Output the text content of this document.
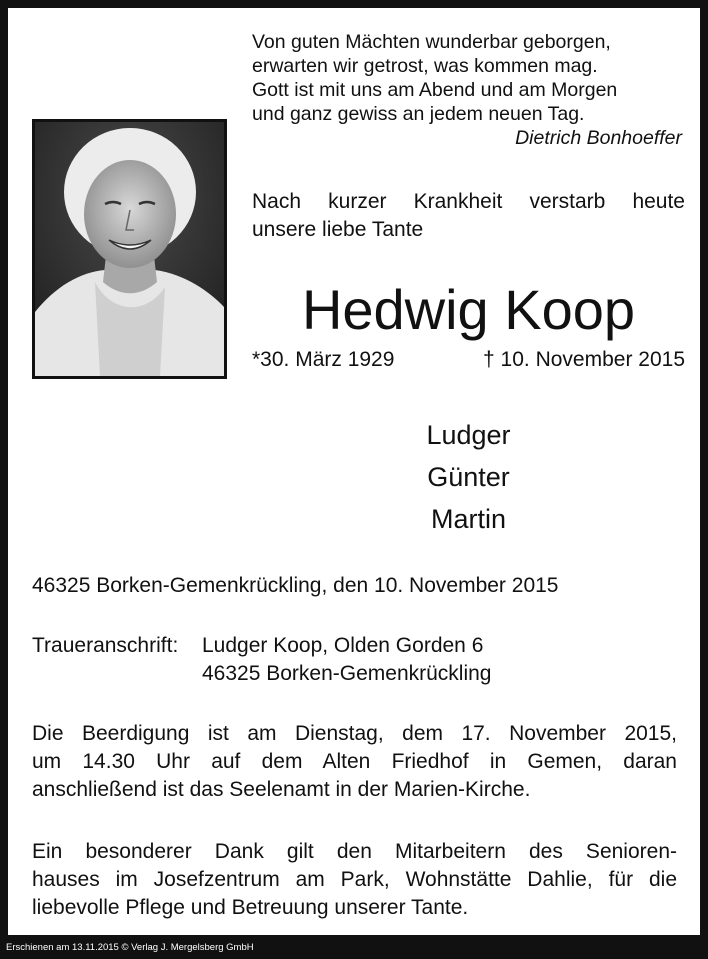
Von guten Mächten wunderbar geborgen,
erwarten wir getrost, was kommen mag.
Gott ist mit uns am Abend und am Morgen
und ganz gewiss an jedem neuen Tag.
Dietrich Bonhoeffer
Nach kurzer Krankheit verstarb heute
unsere liebe Tante
Hedwig Koop
*30. März 1929	† 10. November 2015
Ludger
Günter
Martin
46325 Borken-Gemenkrückling, den 10. November 2015
Traueranschrift:	Ludger Koop, Olden Gorden 6
46325 Borken-Gemenkrückling
Die Beerdigung ist am Dienstag, dem 17. November 2015,
um 14.30 Uhr auf dem Alten Friedhof in Gemen, daran
anschließend ist das Seelenamt in der Marien-Kirche.
Ein besonderer Dank gilt den Mitarbeitern des Senioren-
hauses im Josefzentrum am Park, Wohnstätte Dahlie, für die
liebevolle Pflege und Betreuung unserer Tante.
Erschienen am 13.11.2015 © Verlag J. Mergelsberg GmbH
